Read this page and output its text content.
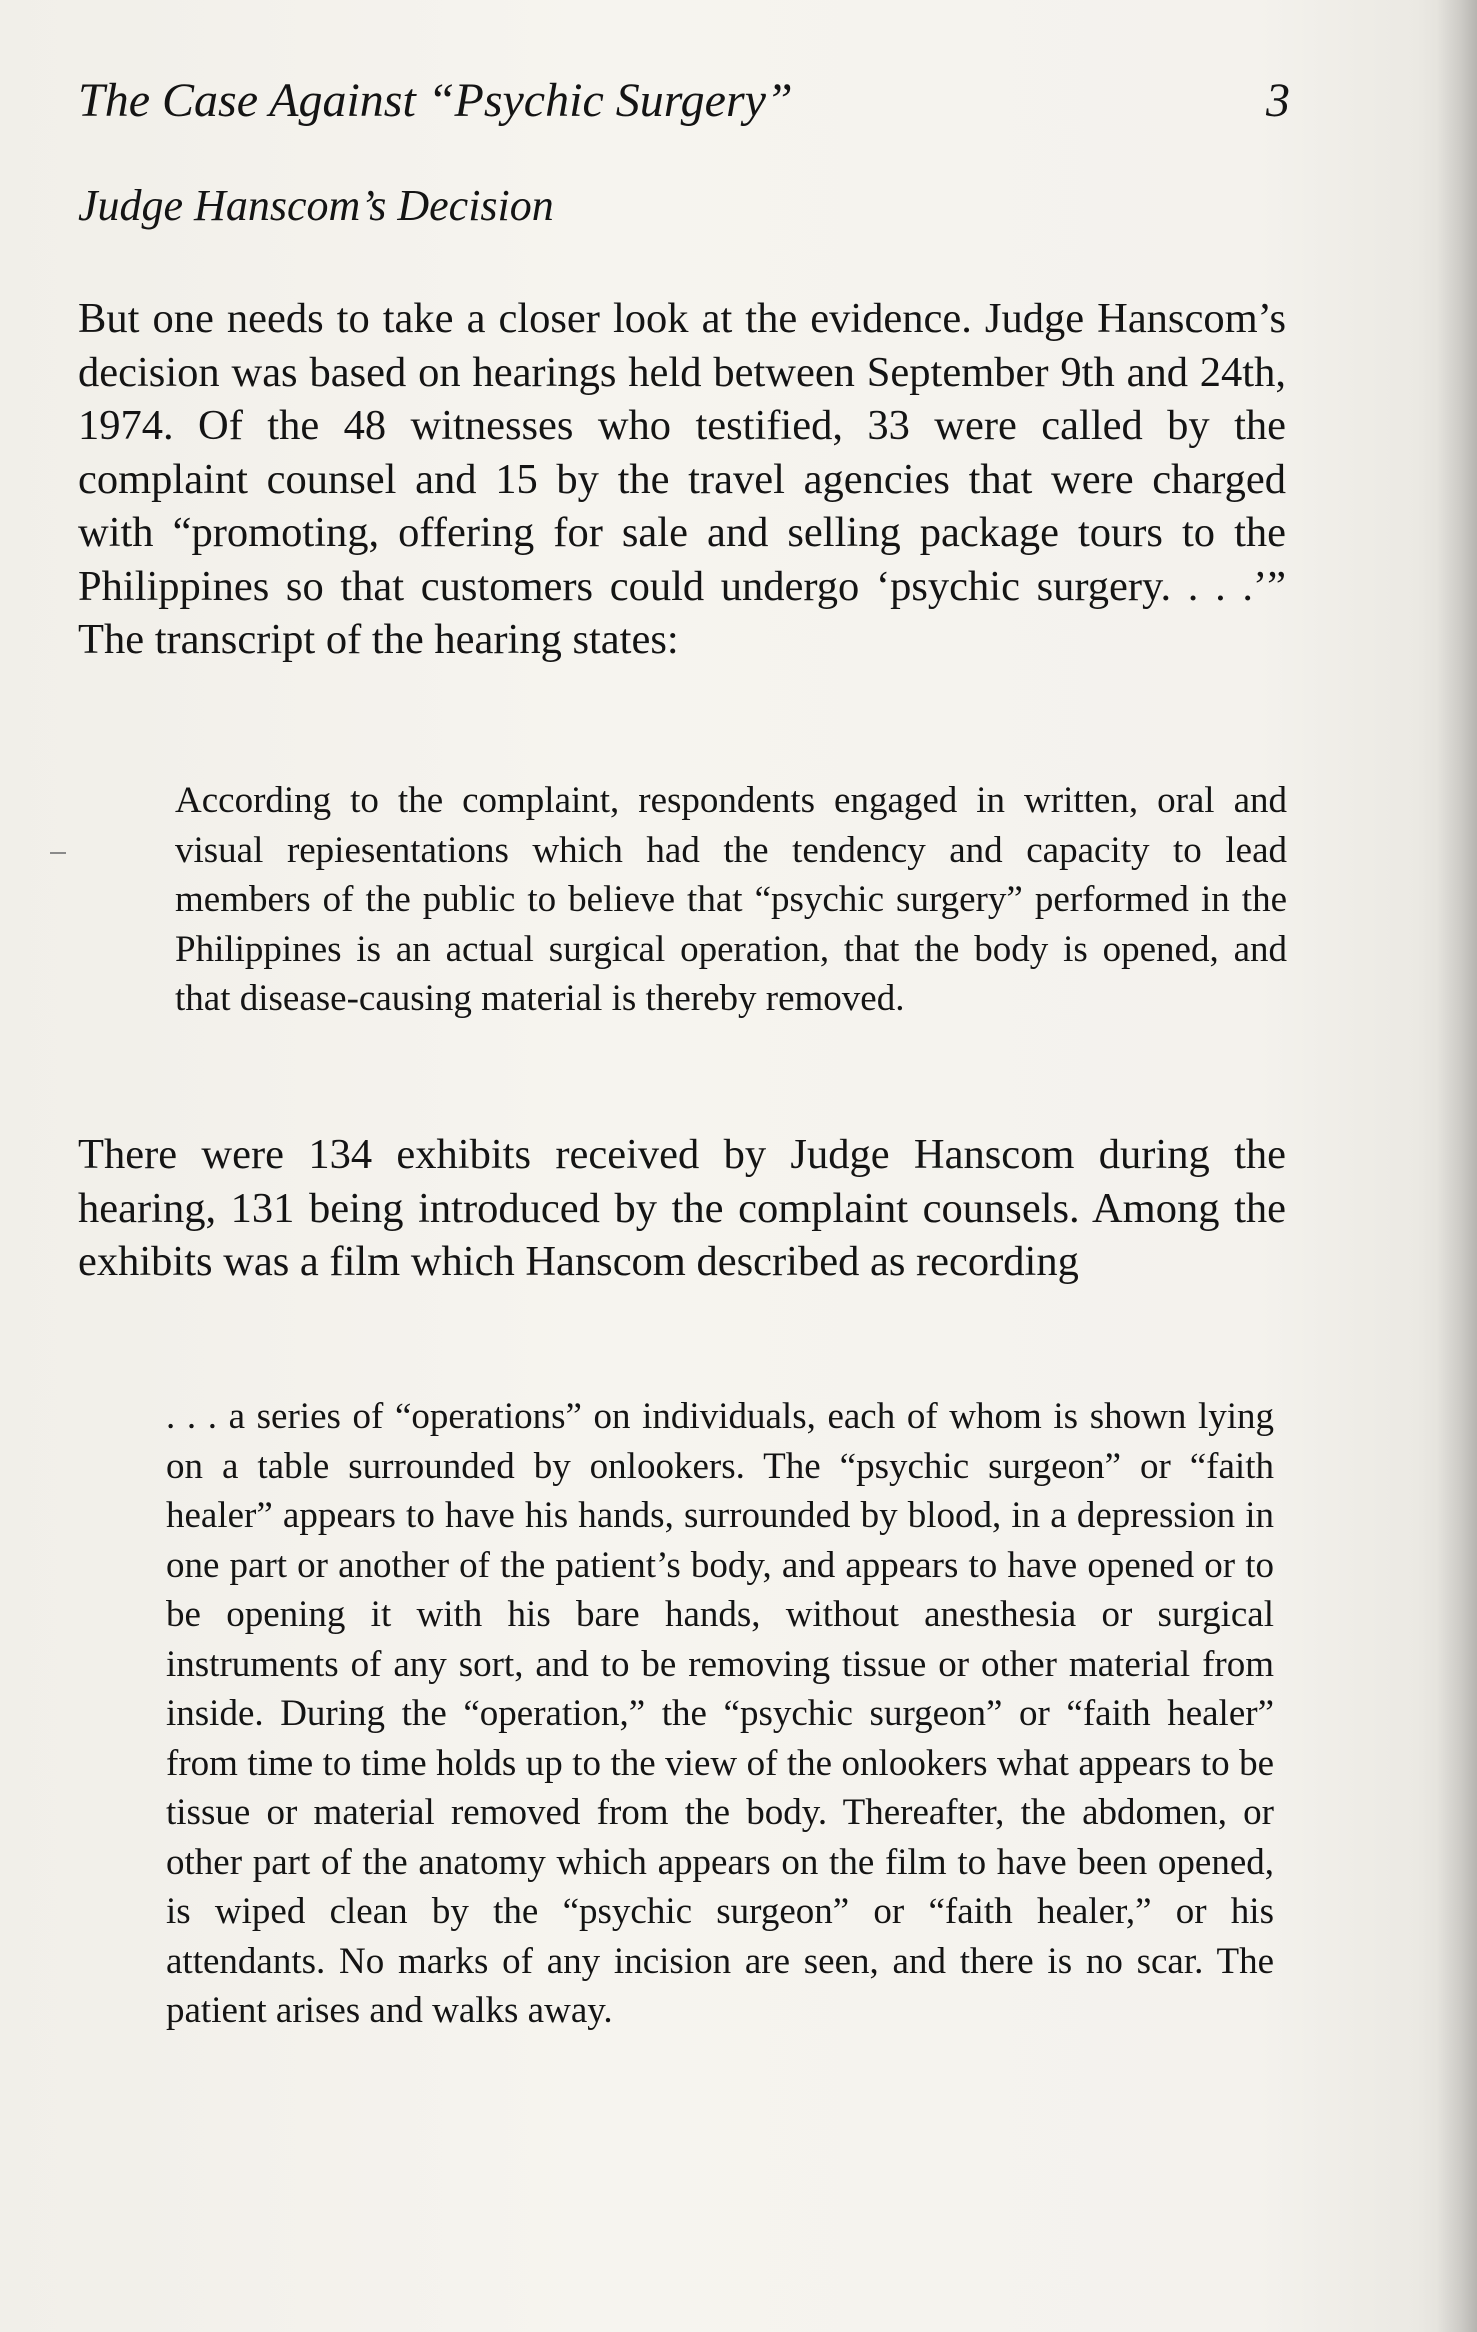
The Case Against “Psychic Surgery”	3
Judge Hanscom’s Decision

But one needs to take a closer look at the evidence. Judge Hanscom’s decision was based on hearings held between September 9th and 24th, 1974. Of the 48 witnesses who testified, 33 were called by the complaint counsel and 15 by the travel agencies that were charged with “promoting, offering for sale and selling package tours to the Philippines so that customers could undergo ‘psychic surgery. . . .’” The transcript of the hearing states:

According to the complaint, respondents engaged in written, oral and visual repiesentations which had the tendency and capacity to lead members of the public to believe that “psychic surgery” performed in the Philippines is an actual surgical operation, that the body is opened, and that disease-causing material is thereby removed.

There were 134 exhibits received by Judge Hanscom during the hearing, 131 being introduced by the complaint counsels. Among the exhibits was a film which Hanscom described as recording

. . . a series of “operations” on individuals, each of whom is shown lying on a table surrounded by onlookers. The “psychic surgeon” or “faith healer” appears to have his hands, surrounded by blood, in a depression in one part or another of the patient’s body, and appears to have opened or to be opening it with his bare hands, without anesthesia or surgical instruments of any sort, and to be removing tissue or other material from inside. During the “operation,” the “psychic surgeon” or “faith healer” from time to time holds up to the view of the onlookers what appears to be tissue or material removed from the body. Thereafter, the abdomen, or other part of the anatomy which appears on the film to have been opened, is wiped clean by the “psychic surgeon” or “faith healer,” or his attendants. No marks of any incision are seen, and there is no scar. The patient arises and walks away.
